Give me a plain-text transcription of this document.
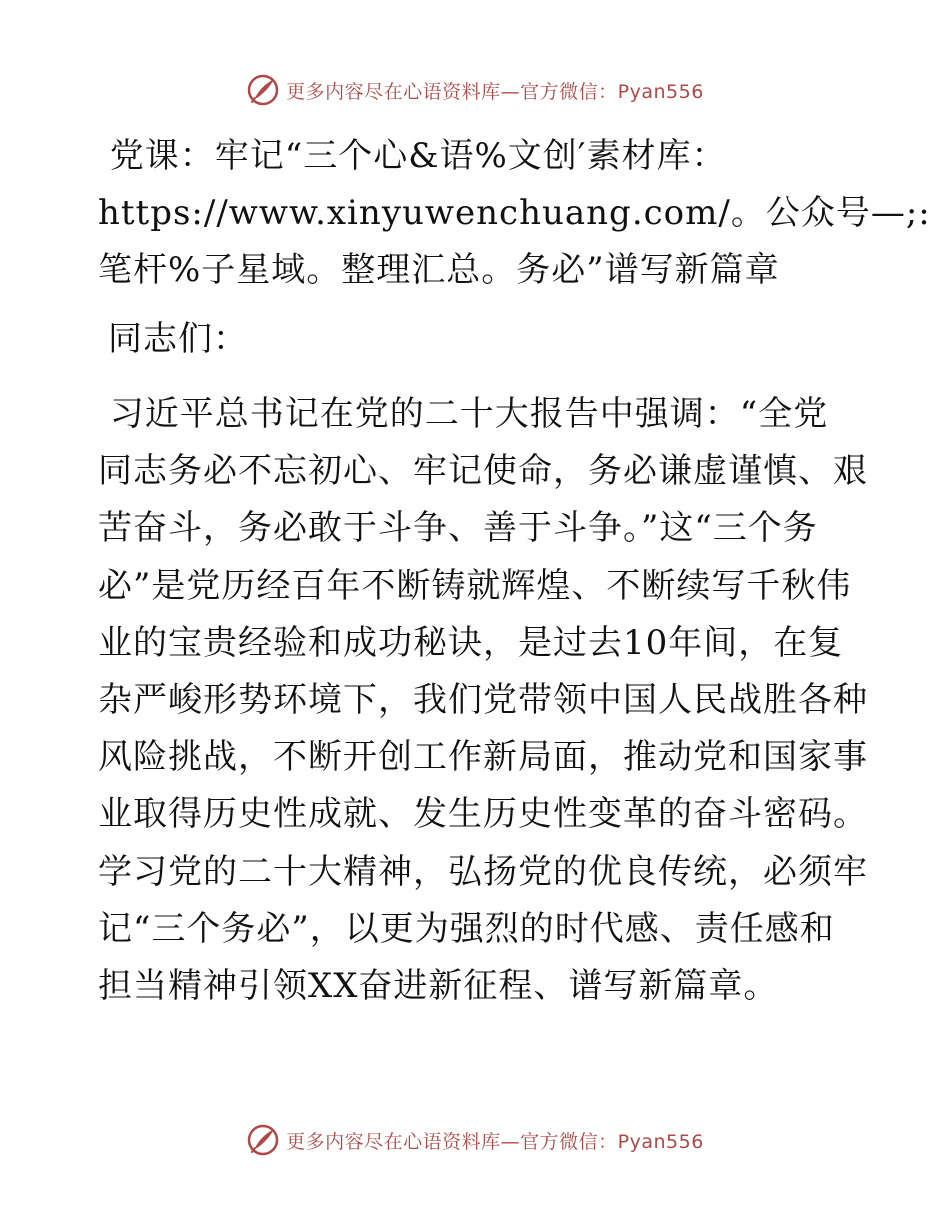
更多内容尽在心语资料库—官方微信：Pyan556
党课：牢记“三个心&语%文创′素材库：
https://www.xinyuwenchuang.com/。公众号—;:
笔杆%子星域。整理汇总。务必”谱写新篇章

同志们：

习近平总书记在党的二十大报告中强调：“全党
同志务必不忘初心、牢记使命，务必谦虚谨慎、艰
苦奋斗，务必敢于斗争、善于斗争。”这“三个务
必”是党历经百年不断铸就辉煌、不断续写千秋伟
业的宝贵经验和成功秘诀，是过去10年间，在复
杂严峻形势环境下，我们党带领中国人民战胜各种
风险挑战，不断开创工作新局面，推动党和国家事
业取得历史性成就、发生历史性变革的奋斗密码。
学习党的二十大精神，弘扬党的优良传统，必须牢
记“三个务必”，以更为强烈的时代感、责任感和
担当精神引领XX奋进新征程、谱写新篇章。
更多内容尽在心语资料库—官方微信：Pyan556
